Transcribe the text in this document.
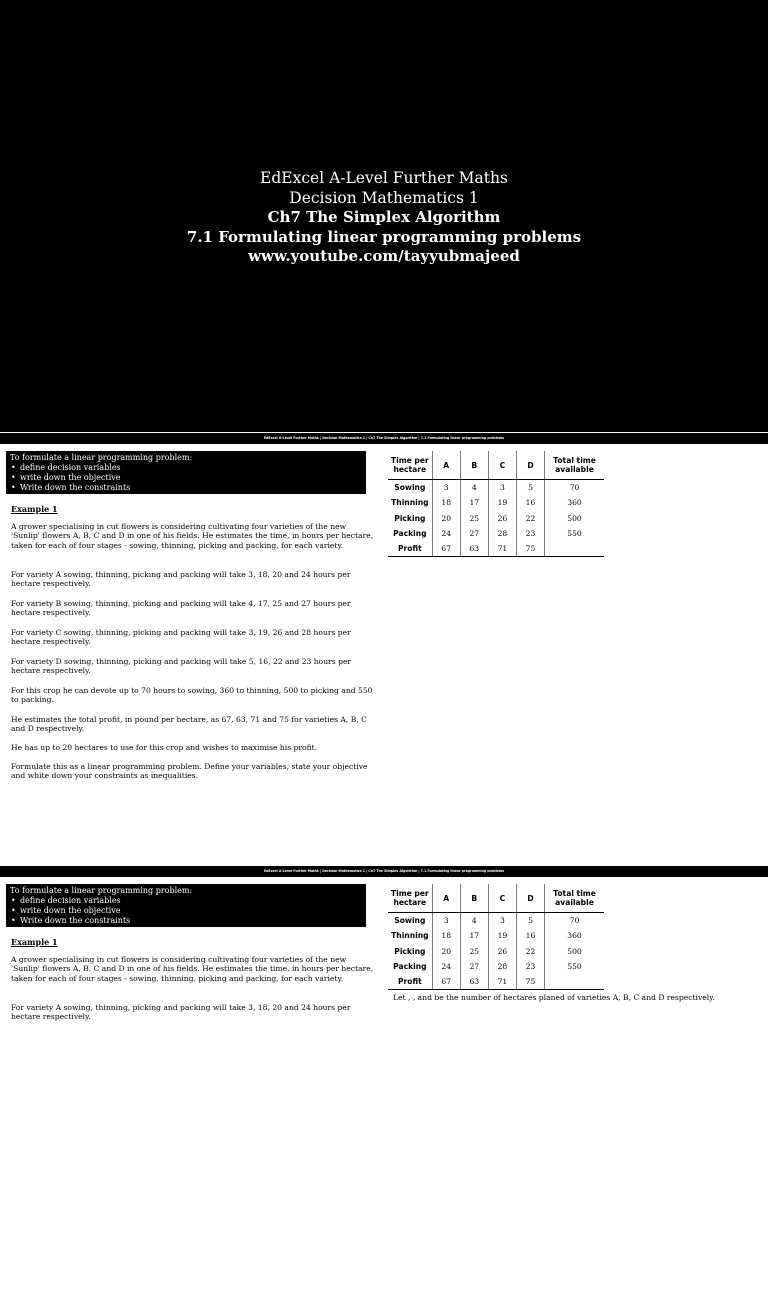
EdExcel A-Level Further Maths
Decision Mathematics 1
Ch7 The Simplex Algorithm
7.1 Formulating linear programming problems
www.youtube.com/tayyubmajeed
EdExcel A-Level Further Maths | Decision Mathematics 1 | Ch7 The Simplex Algorithm | 7.1 Formulating linear programming problems
To formulate a linear programming problem:
• define decision variables
• write down the objective
• Write down the constraints
Example 1
A grower specialising in cut flowers is considering cultivating four varieties of the new 'Sunlip' flowers A, B, C and D in one of his fields. He estimates the time, in hours per hectare, taken for each of four stages - sowing, thinning, picking and packing, for each variety.
For variety A sowing, thinning, picking and packing will take 3, 18, 20 and 24 hours per hectare respectively.
For variety B sowing, thinning, picking and packing will take 4, 17, 25 and 27 hours per hectare respectively.
For variety C sowing, thinning, picking and packing will take 3, 19, 26 and 28 hours per hectare respectively.
For variety D sowing, thinning, picking and packing will take 5, 16, 22 and 23 hours per hectare respectively.
For this crop he can devote up to 70 hours to sowing, 360 to thinning, 500 to picking and 550 to packing.
He estimates the total profit, in pound per hectare, as 67, 63, 71 and 75 for varieties A, B, C and D respectively.
He has up to 20 hectares to use for this crop and wishes to maximise his profit.
Formulate this as a linear programming problem. Define your variables, state your objective and white down your constraints as inequalities.
Time per hectare	A	B	C	D	Total time available
Sowing	3	4	3	5	70
Thinning	18	17	19	16	360
Picking	20	25	26	22	500
Packing	24	27	28	23	550
Profit	67	63	71	75	
EdExcel A-Level Further Maths | Decision Mathematics 1 | Ch7 The Simplex Algorithm | 7.1 Formulating linear programming problems
To formulate a linear programming problem:
• define decision variables
• write down the objective
• Write down the constraints
Example 1
A grower specialising in cut flowers is considering cultivating four varieties of the new 'Sunlip' flowers A, B, C and D in one of his fields. He estimates the time, in hours per hectare, taken for each of four stages - sowing, thinning, picking and packing, for each variety.
For variety A sowing, thinning, picking and packing will take 3, 18, 20 and 24 hours per hectare respectively.
Time per hectare	A	B	C	D	Total time available
Sowing	3	4	3	5	70
Thinning	18	17	19	16	360
Picking	20	25	26	22	500
Packing	24	27	28	23	550
Profit	67	63	71	75	
Let , , and be the number of hectares planed of varieties A, B, C and D respectively.
